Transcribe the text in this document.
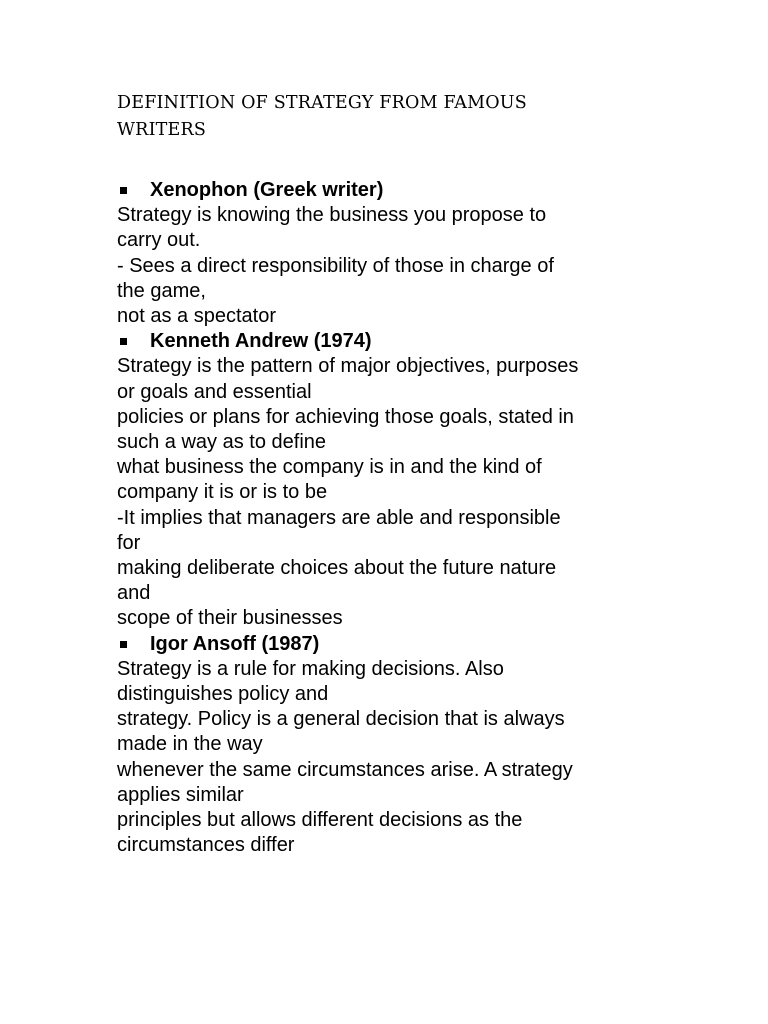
DEFINITION OF STRATEGY FROM FAMOUS
WRITERS
Xenophon (Greek writer)
Strategy is knowing the business you propose to
carry out.
- Sees a direct responsibility of those in charge of
the game,
not as a spectator
Kenneth Andrew (1974)
Strategy is the pattern of major objectives, purposes
or goals and essential
policies or plans for achieving those goals, stated in
such a way as to define
what business the company is in and the kind of
company it is or is to be
-It implies that managers are able and responsible
for
making deliberate choices about the future nature
and
scope of their businesses
Igor Ansoff (1987)
Strategy is a rule for making decisions. Also
distinguishes policy and
strategy. Policy is a general decision that is always
made in the way
whenever the same circumstances arise. A strategy
applies similar
principles but allows different decisions as the
circumstances differ
